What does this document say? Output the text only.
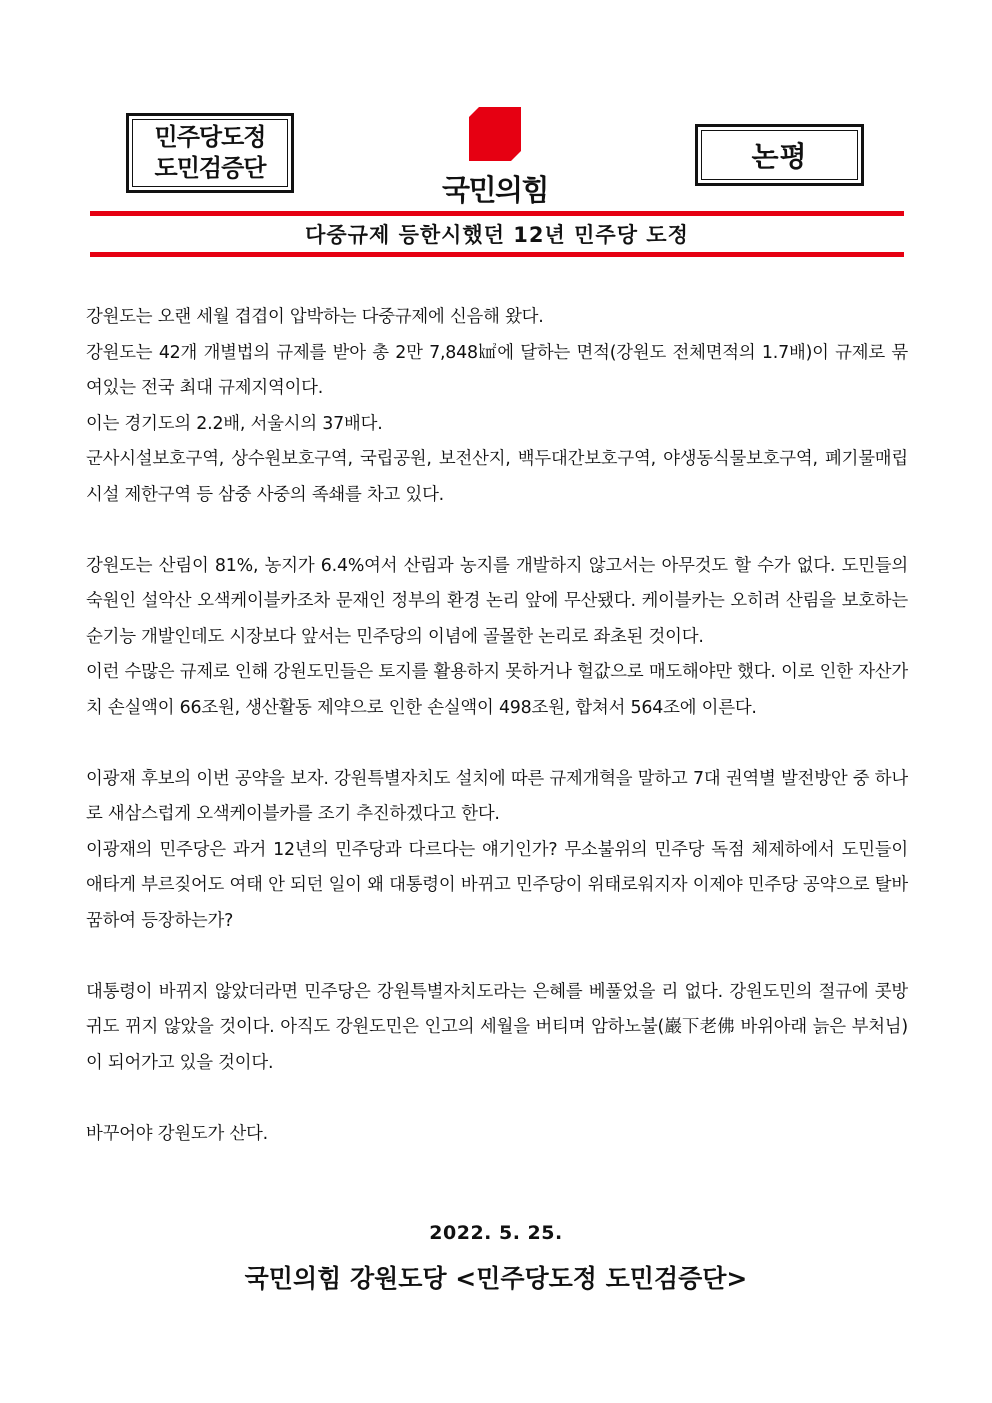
민주당도정
도민검증단
국민의힘
논평
다중규제 등한시했던 12년 민주당 도정

강원도는 오랜 세월 겹겹이 압박하는 다중규제에 신음해 왔다.

강원도는 42개 개별법의 규제를 받아 총 2만 7,848㎢에 달하는 면적(강원도 전체면적의 1.7배)이 규제로 묶여있는 전국 최대 규제지역이다.

이는 경기도의 2.2배, 서울시의 37배다.

군사시설보호구역, 상수원보호구역, 국립공원, 보전산지, 백두대간보호구역, 야생동식물보호구역, 폐기물매립시설 제한구역 등 삼중 사중의 족쇄를 차고 있다.

강원도는 산림이 81%, 농지가 6.4%여서 산림과 농지를 개발하지 않고서는 아무것도 할 수가 없다. 도민들의 숙원인 설악산 오색케이블카조차 문재인 정부의 환경 논리 앞에 무산됐다. 케이블카는 오히려 산림을 보호하는 순기능 개발인데도 시장보다 앞서는 민주당의 이념에 골몰한 논리로 좌초된 것이다.

이런 수많은 규제로 인해 강원도민들은 토지를 활용하지 못하거나 헐값으로 매도해야만 했다. 이로 인한 자산가치 손실액이 66조원, 생산활동 제약으로 인한 손실액이 498조원, 합쳐서 564조에 이른다.

이광재 후보의 이번 공약을 보자. 강원특별자치도 설치에 따른 규제개혁을 말하고 7대 권역별 발전방안 중 하나로 새삼스럽게 오색케이블카를 조기 추진하겠다고 한다.

이광재의 민주당은 과거 12년의 민주당과 다르다는 얘기인가? 무소불위의 민주당 독점 체제하에서 도민들이 애타게 부르짖어도 여태 안 되던 일이 왜 대통령이 바뀌고 민주당이 위태로워지자 이제야 민주당 공약으로 탈바꿈하여 등장하는가?

대통령이 바뀌지 않았더라면 민주당은 강원특별자치도라는 은혜를 베풀었을 리 없다. 강원도민의 절규에 콧방귀도 뀌지 않았을 것이다. 아직도 강원도민은 인고의 세월을 버티며 암하노불(巖下老佛 바위아래 늙은 부처님)이 되어가고 있을 것이다.

바꾸어야 강원도가 산다.

2022. 5. 25.
국민의힘 강원도당 <민주당도정 도민검증단>
